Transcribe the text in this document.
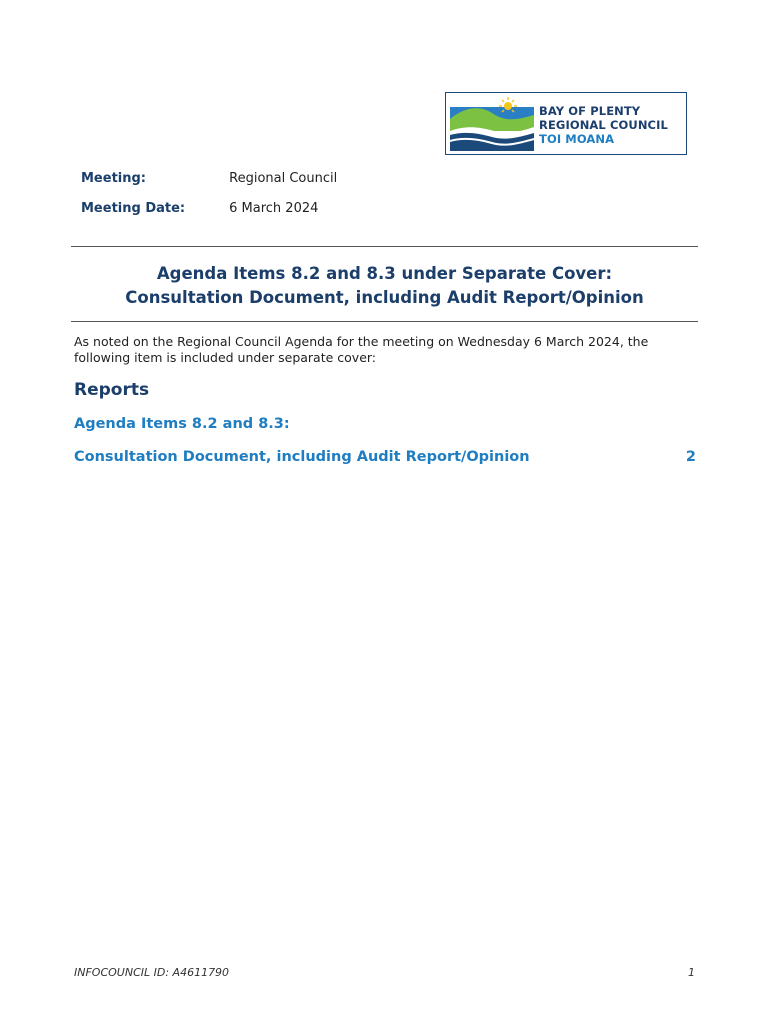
BAY OF PLENTY
REGIONAL COUNCIL
TOI MOANA
Meeting:	Regional Council
Meeting Date:	6 March 2024
Agenda Items 8.2 and 8.3 under Separate Cover:
Consultation Document, including Audit Report/Opinion
As noted on the Regional Council Agenda for the meeting on Wednesday 6 March 2024, the following item is included under separate cover:
Reports
Agenda Items 8.2 and 8.3:
Consultation Document, including Audit Report/Opinion	2
INFOCOUNCIL ID: A4611790	1
